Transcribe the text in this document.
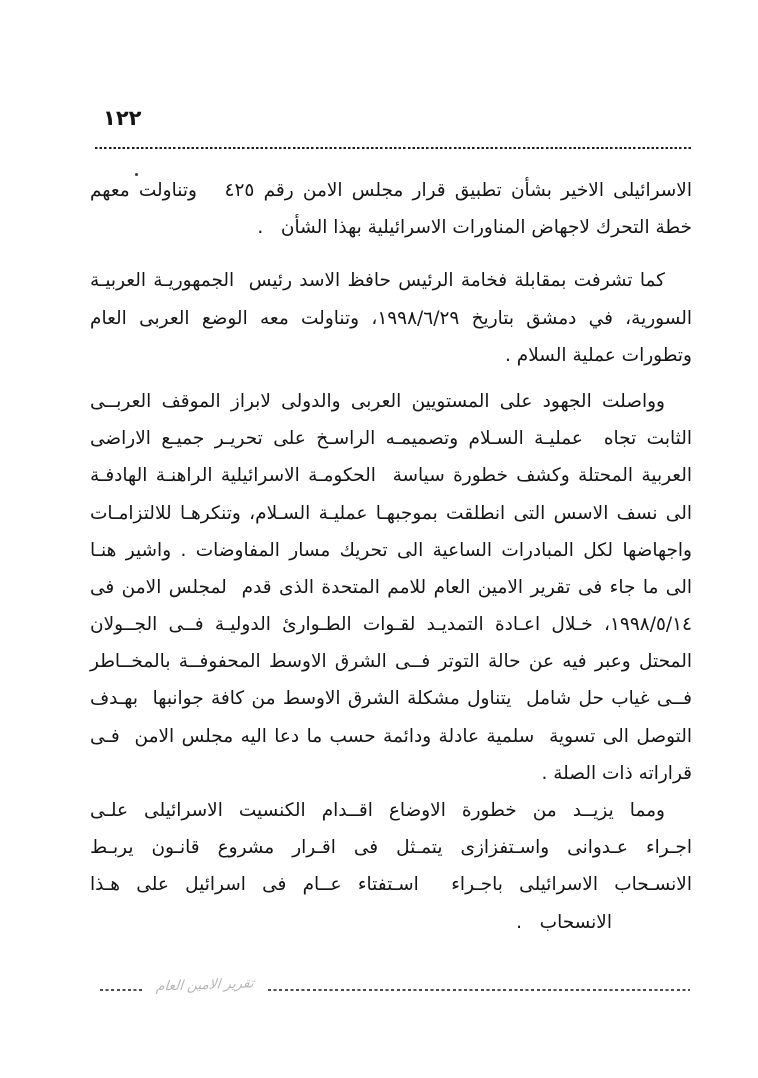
١٢٢
الاسرائيلى الاخير بشأن تطبيق قرار مجلس الامن رقم ٤٢٥   وتناولت معهم
خطة التحرك لاجهاض المناورات الاسرائيلية بهذا الشأن   .
كما تشرفت بمقابلة فخامة الرئيس حافظ الاسد رئيس  الجمهوريـة العربيـة
السورية، في دمشق بتاريخ ١٩٩٨/٦/٢٩، وتناولت معه الوضع العربى العام
وتطورات عملية السلام .
وواصلت الجهود على المستويين العربى والدولى لابراز الموقف العربــى
الثابت تجاه  عمليـة السـلام وتصميمـه الراسـخ على تحريـر جميـع الاراضى
العربية المحتلة وكشف خطورة سياسة  الحكومـة الاسرائيلية الراهنـة الهادفـة
الى نسف الاسس التى انطلقت بموجبهـا عمليـة السـلام، وتنكرهـا للالتزامـات
واجهاضها لكل المبادرات الساعية الى تحريك مسار المفاوضات . واشير هنـا
الى ما جاء فى تقرير الامين العام للامم المتحدة الذى قدم  لمجلس الامن فى
١٩٩٨/٥/١٤، خـلال اعـادة التمديـد لقـوات الطـوارئ الدوليـة فــى الجــولان
المحتل وعبر فيه عن حالة التوتر فــى الشرق الاوسط المحفوفــة بالمخــاطر
فــى غياب حل شامل  يتناول مشكلة الشرق الاوسط من كافة جوانبها  بهـدف
التوصل الى تسوية  سلمية عادلة ودائمة حسب ما دعا اليه مجلس الامن  فـى
قراراته ذات الصلة .
ومما يزيــد من خطورة الاوضاع اقــدام الكنسيت الاسرائيلى علـى
اجـراء عـدوانى واسـتفزازى يتمـثل فى اقـرار مشروع قانـون يربـط
الانسـحاب الاسرائيلى باجـراء  اسـتفتاء عــام فى اسرائيل على هـذا
الانسحاب   .
تقرير الامين العام
